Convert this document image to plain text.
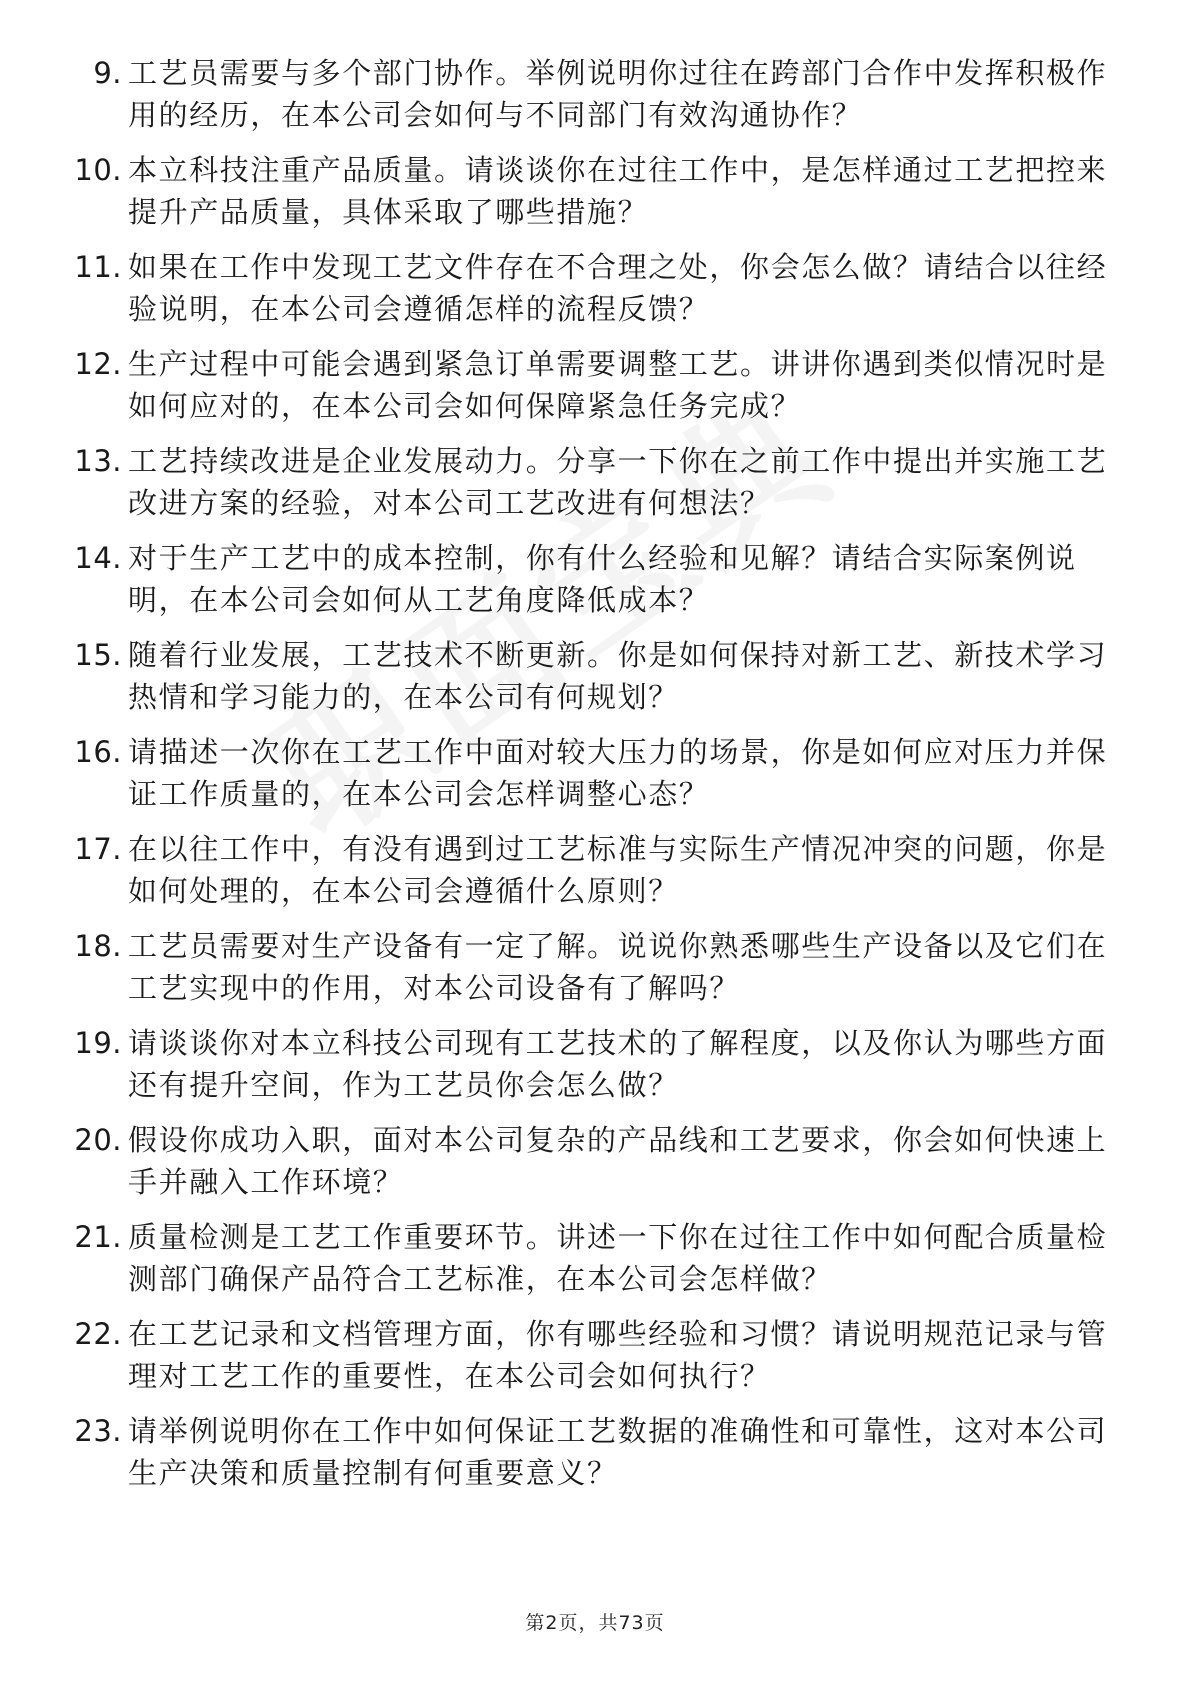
9. 工艺员需要与多个部门协作。举例说明你过往在跨部门合作中发挥积极作用的经历，在本公司会如何与不同部门有效沟通协作？
10. 本立科技注重产品质量。请谈谈你在过往工作中，是怎样通过工艺把控来提升产品质量，具体采取了哪些措施？
11. 如果在工作中发现工艺文件存在不合理之处，你会怎么做？请结合以往经验说明，在本公司会遵循怎样的流程反馈？
12. 生产过程中可能会遇到紧急订单需要调整工艺。讲讲你遇到类似情况时是如何应对的，在本公司会如何保障紧急任务完成？
13. 工艺持续改进是企业发展动力。分享一下你在之前工作中提出并实施工艺改进方案的经验，对本公司工艺改进有何想法？
14. 对于生产工艺中的成本控制，你有什么经验和见解？请结合实际案例说明，在本公司会如何从工艺角度降低成本？
15. 随着行业发展，工艺技术不断更新。你是如何保持对新工艺、新技术学习热情和学习能力的，在本公司有何规划？
16. 请描述一次你在工艺工作中面对较大压力的场景，你是如何应对压力并保证工作质量的，在本公司会怎样调整心态？
17. 在以往工作中，有没有遇到过工艺标准与实际生产情况冲突的问题，你是如何处理的，在本公司会遵循什么原则？
18. 工艺员需要对生产设备有一定了解。说说你熟悉哪些生产设备以及它们在工艺实现中的作用，对本公司设备有了解吗？
19. 请谈谈你对本立科技公司现有工艺技术的了解程度，以及你认为哪些方面还有提升空间，作为工艺员你会怎么做？
20. 假设你成功入职，面对本公司复杂的产品线和工艺要求，你会如何快速上手并融入工作环境？
21. 质量检测是工艺工作重要环节。讲述一下你在过往工作中如何配合质量检测部门确保产品符合工艺标准，在本公司会怎样做？
22. 在工艺记录和文档管理方面，你有哪些经验和习惯？请说明规范记录与管理对工艺工作的重要性，在本公司会如何执行？
23. 请举例说明你在工作中如何保证工艺数据的准确性和可靠性，这对本公司生产决策和质量控制有何重要意义？
第2页，共73页
